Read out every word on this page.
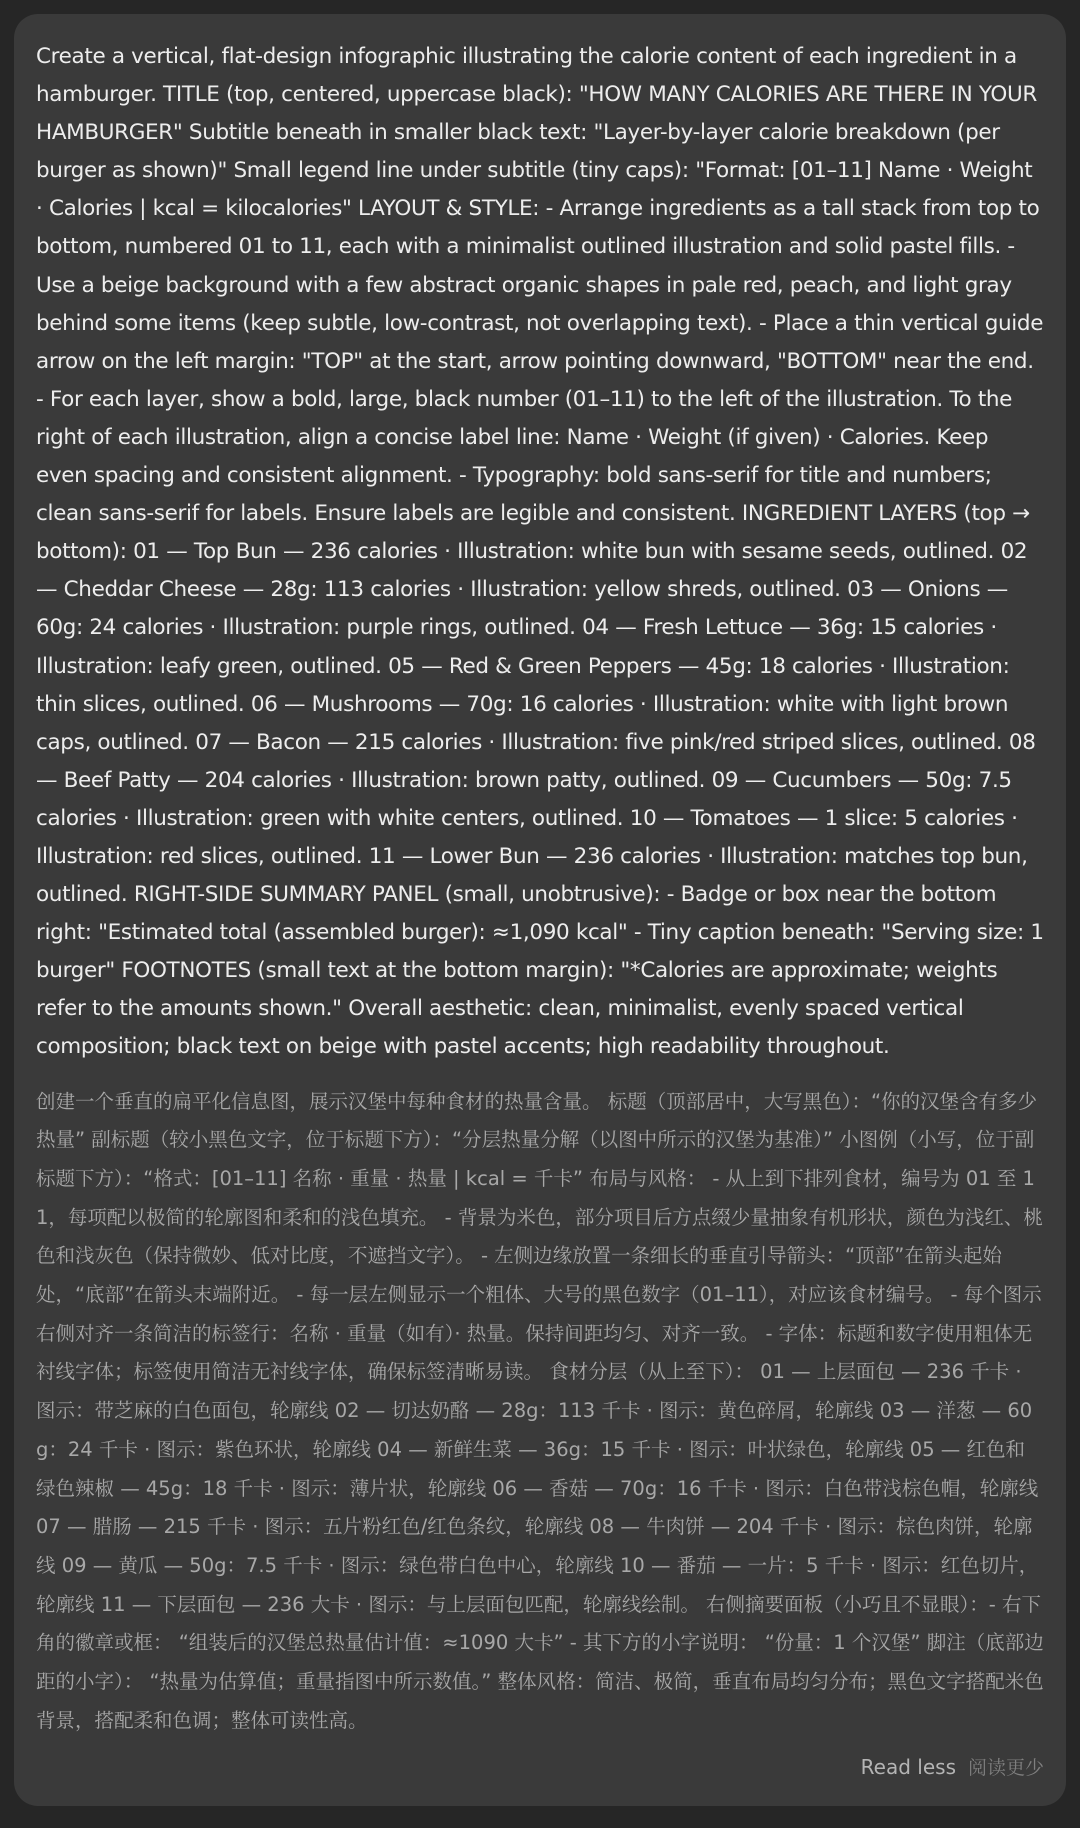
Create a vertical, flat-design infographic illustrating the calorie content of each ingredient in a hamburger. TITLE (top, centered, uppercase black): "HOW MANY CALORIES ARE THERE IN YOUR HAMBURGER" Subtitle beneath in smaller black text: "Layer-by-layer calorie breakdown (per burger as shown)" Small legend line under subtitle (tiny caps): "Format: [01–11] Name · Weight · Calories | kcal = kilocalories" LAYOUT & STYLE: - Arrange ingredients as a tall stack from top to bottom, numbered 01 to 11, each with a minimalist outlined illustration and solid pastel fills. - Use a beige background with a few abstract organic shapes in pale red, peach, and light gray behind some items (keep subtle, low-contrast, not overlapping text). - Place a thin vertical guide arrow on the left margin: "TOP" at the start, arrow pointing downward, "BOTTOM" near the end. - For each layer, show a bold, large, black number (01–11) to the left of the illustration. To the right of each illustration, align a concise label line: Name · Weight (if given) · Calories. Keep even spacing and consistent alignment. - Typography: bold sans-serif for title and numbers; clean sans-serif for labels. Ensure labels are legible and consistent. INGREDIENT LAYERS (top → bottom): 01 — Top Bun — 236 calories · Illustration: white bun with sesame seeds, outlined. 02 — Cheddar Cheese — 28g: 113 calories · Illustration: yellow shreds, outlined. 03 — Onions — 60g: 24 calories · Illustration: purple rings, outlined. 04 — Fresh Lettuce — 36g: 15 calories · Illustration: leafy green, outlined. 05 — Red & Green Peppers — 45g: 18 calories · Illustration: thin slices, outlined. 06 — Mushrooms — 70g: 16 calories · Illustration: white with light brown caps, outlined. 07 — Bacon — 215 calories · Illustration: five pink/red striped slices, outlined. 08 — Beef Patty — 204 calories · Illustration: brown patty, outlined. 09 — Cucumbers — 50g: 7.5 calories · Illustration: green with white centers, outlined. 10 — Tomatoes — 1 slice: 5 calories · Illustration: red slices, outlined. 11 — Lower Bun — 236 calories · Illustration: matches top bun, outlined. RIGHT-SIDE SUMMARY PANEL (small, unobtrusive): - Badge or box near the bottom right: "Estimated total (assembled burger): ≈1,090 kcal" - Tiny caption beneath: "Serving size: 1 burger" FOOTNOTES (small text at the bottom margin): "*Calories are approximate; weights refer to the amounts shown." Overall aesthetic: clean, minimalist, evenly spaced vertical composition; black text on beige with pastel accents; high readability throughout.

创建一个垂直的扁平化信息图，展示汉堡中每种食材的热量含量。 标题（顶部居中，大写黑色）：“你的汉堡含有多少热量” 副标题（较小黑色文字，位于标题下方）：“分层热量分解（以图中所示的汉堡为基准）” 小图例（小写，位于副标题下方）：“格式：[01–11] 名称 · 重量 · 热量 | kcal = 千卡” 布局与风格： - 从上到下排列食材，编号为 01 至 11，每项配以极简的轮廓图和柔和的浅色填充。 - 背景为米色，部分项目后方点缀少量抽象有机形状，颜色为浅红、桃色和浅灰色（保持微妙、低对比度，不遮挡文字）。 - 左侧边缘放置一条细长的垂直引导箭头：“顶部”在箭头起始处，“底部”在箭头末端附近。 - 每一层左侧显示一个粗体、大号的黑色数字（01–11），对应该食材编号。 - 每个图示右侧对齐一条简洁的标签行：名称 · 重量（如有）· 热量。保持间距均匀、对齐一致。 - 字体：标题和数字使用粗体无衬线字体；标签使用简洁无衬线字体，确保标签清晰易读。 食材分层（从上至下）： 01 — 上层面包 — 236 千卡 · 图示：带芝麻的白色面包，轮廓线 02 — 切达奶酪 — 28g：113 千卡 · 图示：黄色碎屑，轮廓线 03 — 洋葱 — 60g：24 千卡 · 图示：紫色环状，轮廓线 04 — 新鲜生菜 — 36g：15 千卡 · 图示：叶状绿色，轮廓线 05 — 红色和绿色辣椒 — 45g：18 千卡 · 图示：薄片状，轮廓线 06 — 香菇 — 70g：16 千卡 · 图示：白色带浅棕色帽，轮廓线 07 — 腊肠 — 215 千卡 · 图示：五片粉红色/红色条纹，轮廓线 08 — 牛肉饼 — 204 千卡 · 图示：棕色肉饼，轮廓线 09 — 黄瓜 — 50g：7.5 千卡 · 图示：绿色带白色中心，轮廓线 10 — 番茄 — 一片：5 千卡 · 图示：红色切片，轮廓线 11 — 下层面包 — 236 大卡 · 图示：与上层面包匹配，轮廓线绘制。 右侧摘要面板（小巧且不显眼）：- 右下角的徽章或框： “组装后的汉堡总热量估计值：≈1090 大卡” - 其下方的小字说明： “份量：1 个汉堡” 脚注（底部边距的小字）： “热量为估算值；重量指图中所示数值。” 整体风格：简洁、极简，垂直布局均匀分布；黑色文字搭配米色背景，搭配柔和色调；整体可读性高。

Read less 阅读更少
